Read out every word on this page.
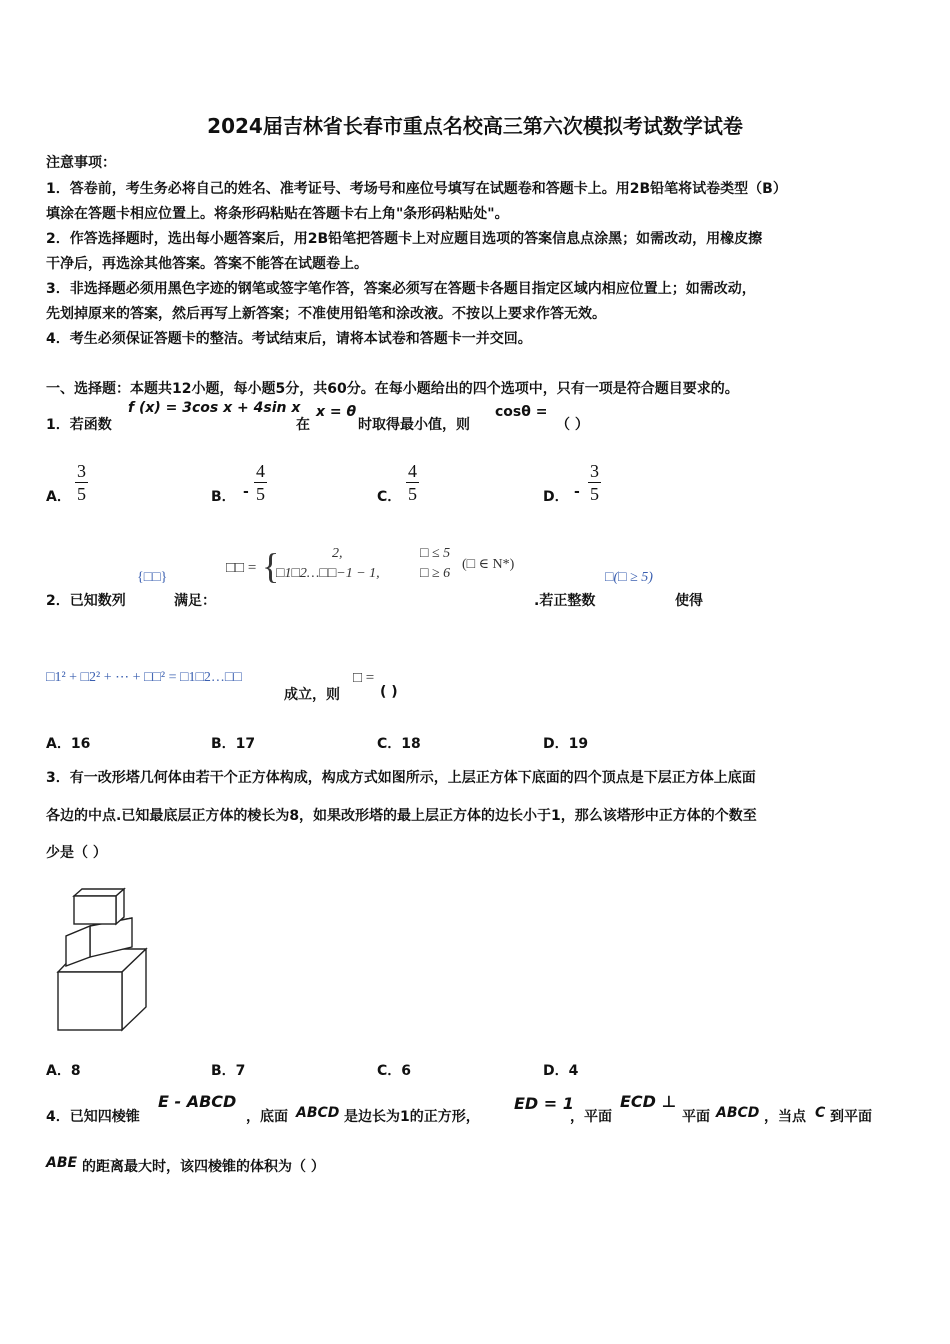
2024届吉林省长春市重点名校高三第六次模拟考试数学试卷
注意事项：
1．答卷前，考生务必将自己的姓名、准考证号、考场号和座位号填写在试题卷和答题卡上。用2B铅笔将试卷类型（B）
填涂在答题卡相应位置上。将条形码粘贴在答题卡右上角"条形码粘贴处"。
2．作答选择题时，选出每小题答案后，用2B铅笔把答题卡上对应题目选项的答案信息点涂黑；如需改动，用橡皮擦
干净后，再选涂其他答案。答案不能答在试题卷上。
3．非选择题必须用黑色字迹的钢笔或签字笔作答，答案必须写在答题卡各题目指定区域内相应位置上；如需改动，
先划掉原来的答案，然后再写上新答案；不准使用铅笔和涂改液。不按以上要求作答无效。
4．考生必须保证答题卡的整洁。考试结束后，请将本试卷和答题卡一并交回。
一、选择题：本题共12小题，每小题5分，共60分。在每小题给出的四个选项中，只有一项是符合题目要求的。
1．若函数
f (x) = 3cos x + 4sin x
在
x = θ
时取得最小值，则
cosθ =
（ ）
A． $\frac{3}{5}$	B． - $\frac{4}{5}$	C． $\frac{4}{5}$	D． - $\frac{3}{5}$
2．已知数列
{□□}
满足：
□□ = {	2,
□1□2…□□−1 − 1,
□ ≤ 5
□ ≥ 6
(□ ∈ N*)
.若正整数
□(□ ≥ 5)
使得
□1² + □2² + ⋯ + □□² = □1□2…□□
成立，则
□ =
( )
A．16	B．17	C．18	D．19
3．有一改形塔几何体由若干个正方体构成，构成方式如图所示，上层正方体下底面的四个顶点是下层正方体上底面
各边的中点.已知最底层正方体的棱长为8，如果改形塔的最上层正方体的边长小于1，那么该塔形中正方体的个数至
少是（ ）
A．8	B．7	C．6	D．4
4．已知四棱锥
E - ABCD
，底面 ABCD 是边长为1的正方形，
ED = 1
，平面
ECD ⊥
平面 ABCD ，当点 C 到平面
ABE 的距离最大时，该四棱锥的体积为（ ）
